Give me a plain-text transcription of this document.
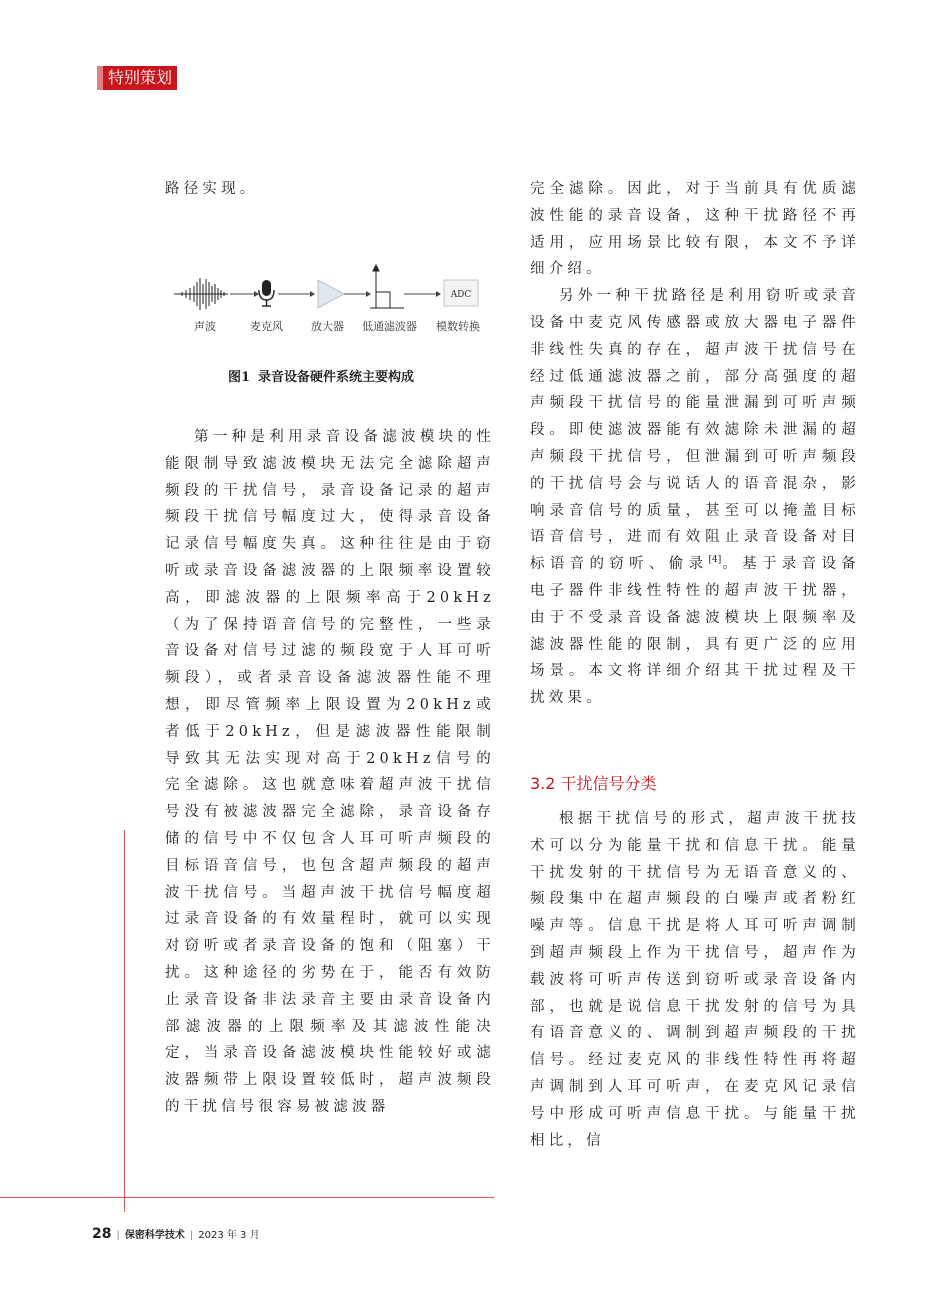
特别策划

路径实现。

ADC
声波	麦克风	放大器 低通滤波器 模数转换
图1 录音设备硬件系统主要构成

第一种是利用录音设备滤波模块的性能限制导致滤波模块无法完全滤除超声频段的干扰信号，录音设备记录的超声频段干扰信号幅度过大，使得录音设备记录信号幅度失真。这种往往是由于窃听或录音设备滤波器的上限频率设置较高，即滤波器的上限频率高于20kHz（为了保持语音信号的完整性，一些录音设备对信号过滤的频段宽于人耳可听频段），或者录音设备滤波器性能不理想，即尽管频率上限设置为20kHz或者低于20kHz，但是滤波器性能限制导致其无法实现对高于20kHz信号的完全滤除。这也就意味着超声波干扰信号没有被滤波器完全滤除，录音设备存储的信号中不仅包含人耳可听声频段的目标语音信号，也包含超声频段的超声波干扰信号。当超声波干扰信号幅度超过录音设备的有效量程时，就可以实现对窃听或者录音设备的饱和（阻塞）干扰。这种途径的劣势在于，能否有效防止录音设备非法录音主要由录音设备内部滤波器的上限频率及其滤波性能决定，当录音设备滤波模块性能较好或滤波器频带上限设置较低时，超声波频段的干扰信号很容易被滤波器

完全滤除。因此，对于当前具有优质滤波性能的录音设备，这种干扰路径不再适用，应用场景比较有限，本文不予详细介绍。

另外一种干扰路径是利用窃听或录音设备中麦克风传感器或放大器电子器件非线性失真的存在，超声波干扰信号在经过低通滤波器之前，部分高强度的超声频段干扰信号的能量泄漏到可听声频段。即使滤波器能有效滤除未泄漏的超声频段干扰信号，但泄漏到可听声频段的干扰信号会与说话人的语音混杂，影响录音信号的质量，甚至可以掩盖目标语音信号，进而有效阻止录音设备对目标语音的窃听、偷录[4]。基于录音设备电子器件非线性特性的超声波干扰器，由于不受录音设备滤波模块上限频率及滤波器性能的限制，具有更广泛的应用场景。本文将详细介绍其干扰过程及干扰效果。

3.2 干扰信号分类

根据干扰信号的形式，超声波干扰技术可以分为能量干扰和信息干扰。能量干扰发射的干扰信号为无语音意义的、频段集中在超声频段的白噪声或者粉红噪声等。信息干扰是将人耳可听声调制到超声频段上作为干扰信号，超声作为载波将可听声传送到窃听或录音设备内部，也就是说信息干扰发射的信号为具有语音意义的、调制到超声频段的干扰信号。经过麦克风的非线性特性再将超声调制到人耳可听声，在麦克风记录信号中形成可听声信息干扰。与能量干扰相比，信

28 | 保密科学技术 | 2023 年 3 月
